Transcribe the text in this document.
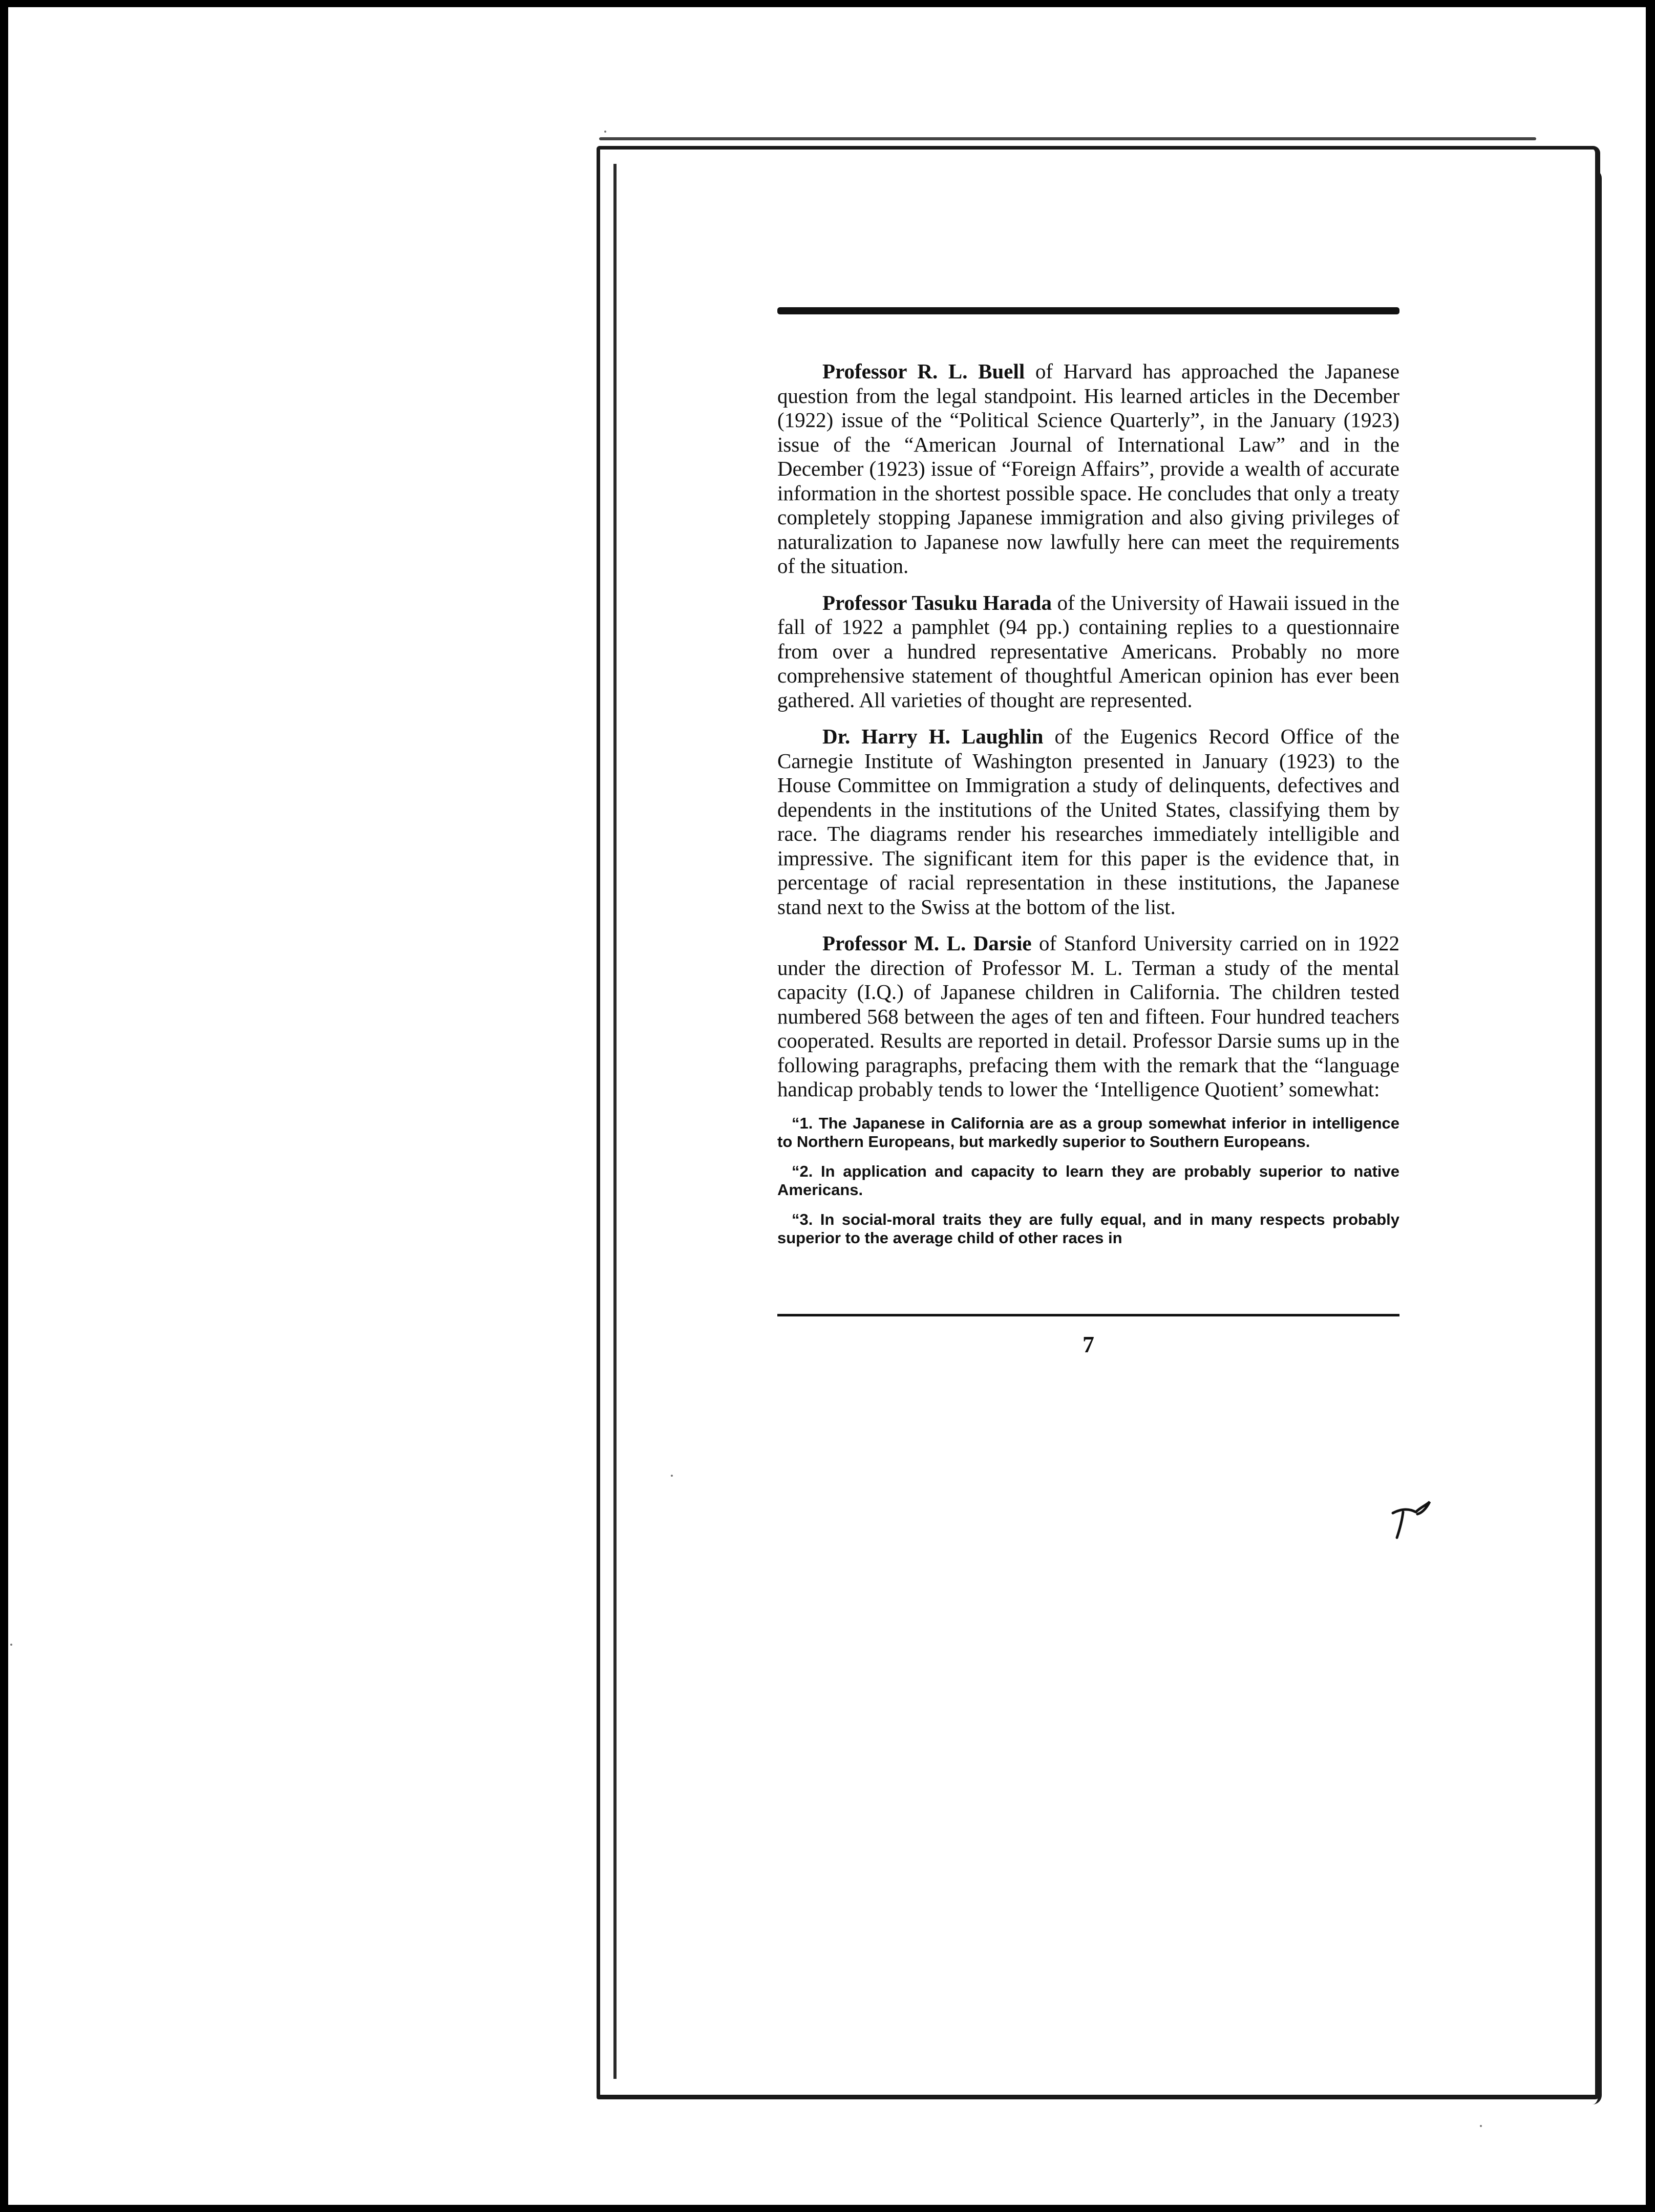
Professor R. L. Buell of Harvard has approached the Japanese question from the legal standpoint. His learned articles in the December (1922) issue of the “Political Science Quarterly”, in the January (1923) issue of the “American Journal of International Law” and in the December (1923) issue of “Foreign Affairs”, provide a wealth of accurate information in the shortest possible space. He concludes that only a treaty completely stopping Japanese immigration and also giving privileges of naturalization to Japanese now lawfully here can meet the requirements of the situation.

Professor Tasuku Harada of the University of Hawaii issued in the fall of 1922 a pamphlet (94 pp.) containing replies to a questionnaire from over a hundred representative Americans. Probably no more comprehensive statement of thoughtful American opinion has ever been gathered. All varieties of thought are represented.

Dr. Harry H. Laughlin of the Eugenics Record Office of the Carnegie Institute of Washington presented in January (1923) to the House Committee on Immigration a study of delinquents, defectives and dependents in the institutions of the United States, classifying them by race. The diagrams render his researches immediately intelligible and impressive. The significant item for this paper is the evidence that, in percentage of racial representation in these institutions, the Japanese stand next to the Swiss at the bottom of the list.

Professor M. L. Darsie of Stanford University carried on in 1922 under the direction of Professor M. L. Terman a study of the mental capacity (I.Q.) of Japanese children in California. The children tested numbered 568 between the ages of ten and fifteen. Four hundred teachers cooperated. Results are reported in detail. Professor Darsie sums up in the following paragraphs, prefacing them with the remark that the “language handicap probably tends to lower the ‘Intelligence Quotient’ somewhat:

“1. The Japanese in California are as a group somewhat inferior in intelligence to Northern Europeans, but markedly superior to Southern Europeans.

“2. In application and capacity to learn they are probably superior to native Americans.

“3. In social-moral traits they are fully equal, and in many respects probably superior to the average child of other races in

7
